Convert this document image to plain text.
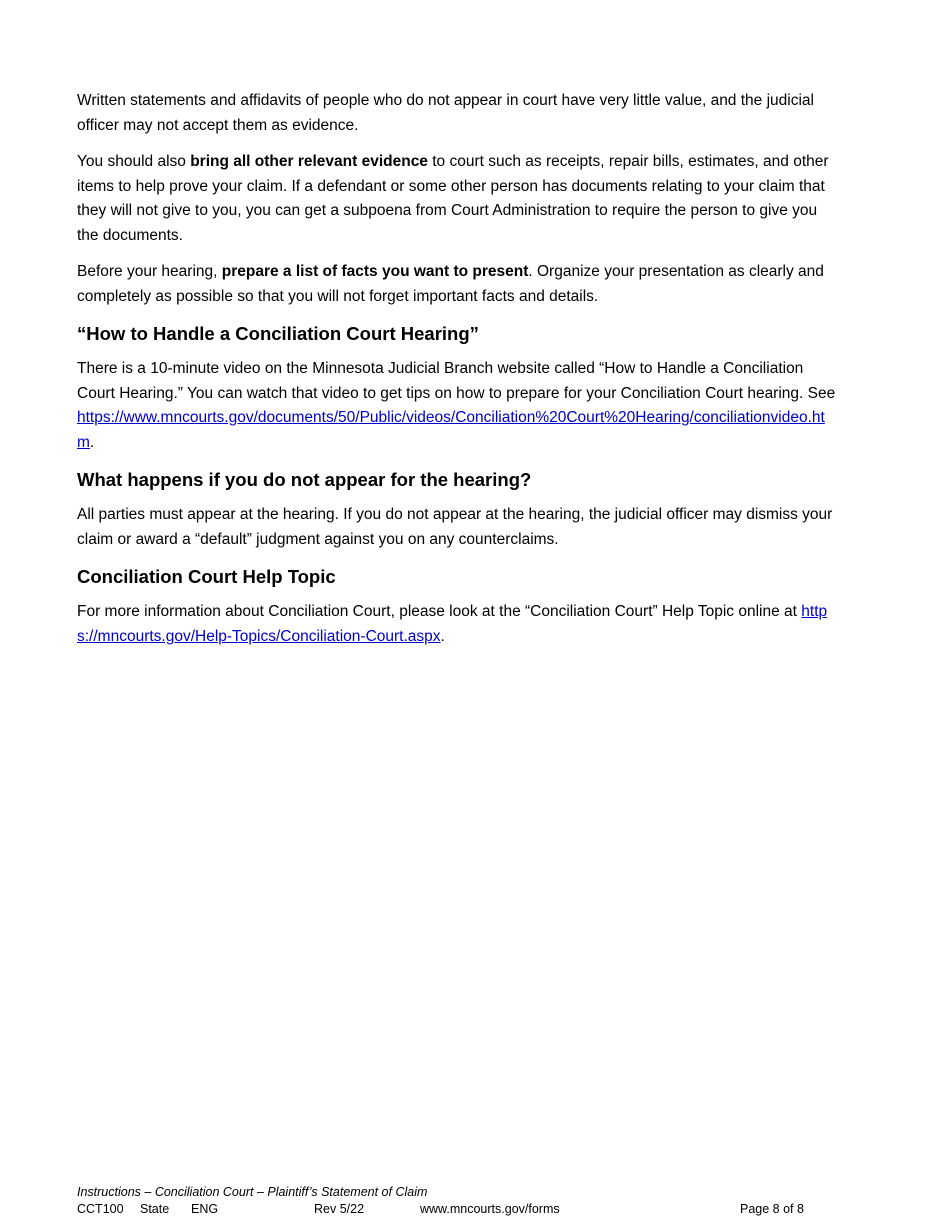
Written statements and affidavits of people who do not appear in court have very little value, and the judicial officer may not accept them as evidence.

You should also bring all other relevant evidence to court such as receipts, repair bills, estimates, and other items to help prove your claim. If a defendant or some other person has documents relating to your claim that they will not give to you, you can get a subpoena from Court Administration to require the person to give you the documents.

Before your hearing, prepare a list of facts you want to present. Organize your presentation as clearly and completely as possible so that you will not forget important facts and details.

“How to Handle a Conciliation Court Hearing”

There is a 10-minute video on the Minnesota Judicial Branch website called “How to Handle a Conciliation Court Hearing.” You can watch that video to get tips on how to prepare for your Conciliation Court hearing. See https://www.mncourts.gov/documents/50/Public/videos/Conciliation%20Court%20Hearing/conciliationvideo.htm.

What happens if you do not appear for the hearing?

All parties must appear at the hearing. If you do not appear at the hearing, the judicial officer may dismiss your claim or award a “default” judgment against you on any counterclaims.

Conciliation Court Help Topic

For more information about Conciliation Court, please look at the “Conciliation Court” Help Topic online at https://mncourts.gov/Help-Topics/Conciliation-Court.aspx.

Instructions – Conciliation Court – Plaintiff’s Statement of Claim
CCT100 State ENG	Rev 5/22	www.mncourts.gov/forms	Page 8 of 8
